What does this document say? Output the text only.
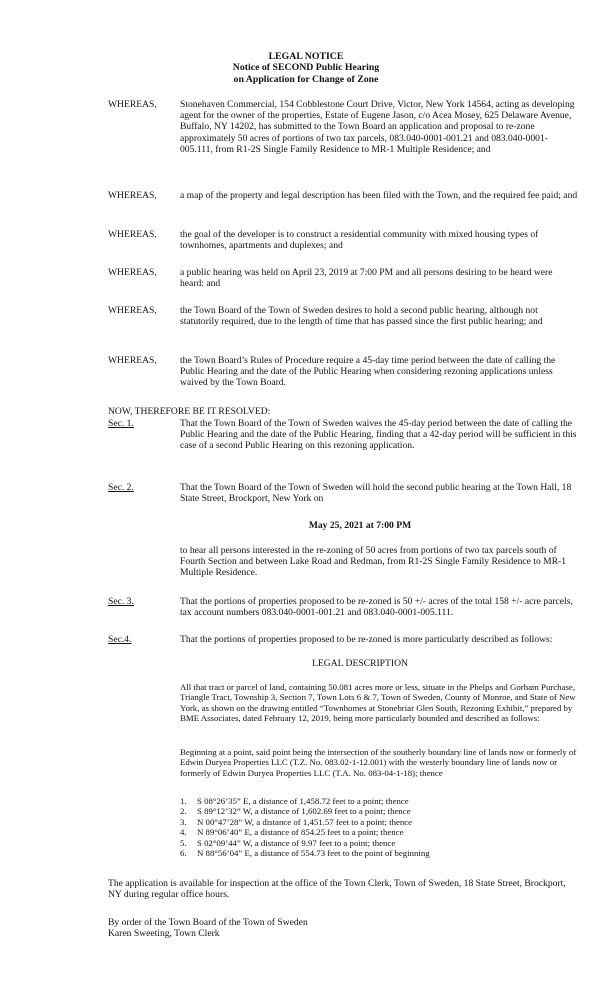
LEGAL NOTICE
Notice of SECOND Public Hearing
on Application for Change of Zone
WHEREAS,	Stonehaven Commercial, 154 Cobblestone Court Drive, Victor, New York 14564, acting as developing agent for the owner of the properties, Estate of Eugene Jason, c/o Acea Mosey, 625 Delaware Avenue, Buffalo, NY 14202, has submitted to the Town Board an application and proposal to re-zone approximately 50 acres of portions of two tax parcels, 083.040-0001-001.21 and 083.040-0001-005.111, from R1-2S Single Family Residence to MR-1 Multiple Residence; and
WHEREAS,	a map of the property and legal description has been filed with the Town, and the required fee paid; and
WHEREAS,	the goal of the developer is to construct a residential community with mixed housing types of townhomes, apartments and duplexes; and
WHEREAS,	a public hearing was held on April 23, 2019 at 7:00 PM and all persons desiring to be heard were heard: and
WHEREAS,	the Town Board of the Town of Sweden desires to hold a second public hearing, although not statutorily required, due to the length of time that has passed since the first public hearing; and
WHEREAS,	the Town Board’s Rules of Procedure require a 45-day time period between the date of calling the Public Hearing and the date of the Public Hearing when considering rezoning applications unless waived by the Town Board.
NOW, THEREFORE BE IT RESOLVED:
Sec. 1.	That the Town Board of the Town of Sweden waives the 45-day period between the date of calling the Public Hearing and the date of the Public Hearing, finding that a 42-day period will be sufficient in this case of a second Public Hearing on this rezoning application.
Sec. 2.	That the Town Board of the Town of Sweden will hold the second public hearing at the Town Hall, 18 State Street, Brockport, New York on
May 25, 2021 at 7:00 PM
to hear all persons interested in the re-zoning of 50 acres from portions of two tax parcels south of Fourth Section and between Lake Road and Redman, from R1-2S Single Family Residence to MR-1 Multiple Residence.
Sec. 3.	That the portions of properties proposed to be re-zoned is 50 +/- acres of the total 158 +/- acre parcels, tax account numbers 083.040-0001-001.21 and 083.040-0001-005.111.
Sec.4.	That the portions of properties proposed to be re-zoned is more particularly described as follows:
LEGAL DESCRIPTION
All that tract or parcel of land, containing 50.081 acres more or less, situate in the Phelps and Gorham Purchase, Triangle Tract, Township 3, Section 7, Town Lots 6 & 7, Town of Sweden, County of Monroe, and State of New York, as shown on the drawing entitled “Townhomes at Stonebriar Glen South, Rezoning Exhibit,” prepared by BME Associates, dated February 12, 2019, being more particularly bounded and described as follows:
Beginning at a point, said point being the intersection of the southerly boundary line of lands now or formerly of Edwin Duryea Properties LLC (T.Z. No. 083.02-1-12.001) with the westerly boundary line of lands now or formerly of Edwin Duryea Properties LLC (T.A. No. 083-04-1-18); thence
1.	S 08°26’35” E, a distance of 1,458.72 feet to a point; thence
2.	S 89°12’32” W, a distance of 1,602.69 feet to a point; thence
3.	N 00°47’28” W, a distance of 1,451.57 feet to a point; thence
4.	N 89°06’40” E, a distance of 854.25 feet to a point; thence
5.	S 02°09’44” W, a distance of 9.97 feet to a point; thence
6.	N 88°56’04” E, a distance of 554.73 feet to the point of beginning
The application is available for inspection at the office of the Town Clerk, Town of Sweden, 18 State Street, Brockport, NY during regular office hours.
By order of the Town Board of the Town of Sweden
Karen Sweeting, Town Clerk
